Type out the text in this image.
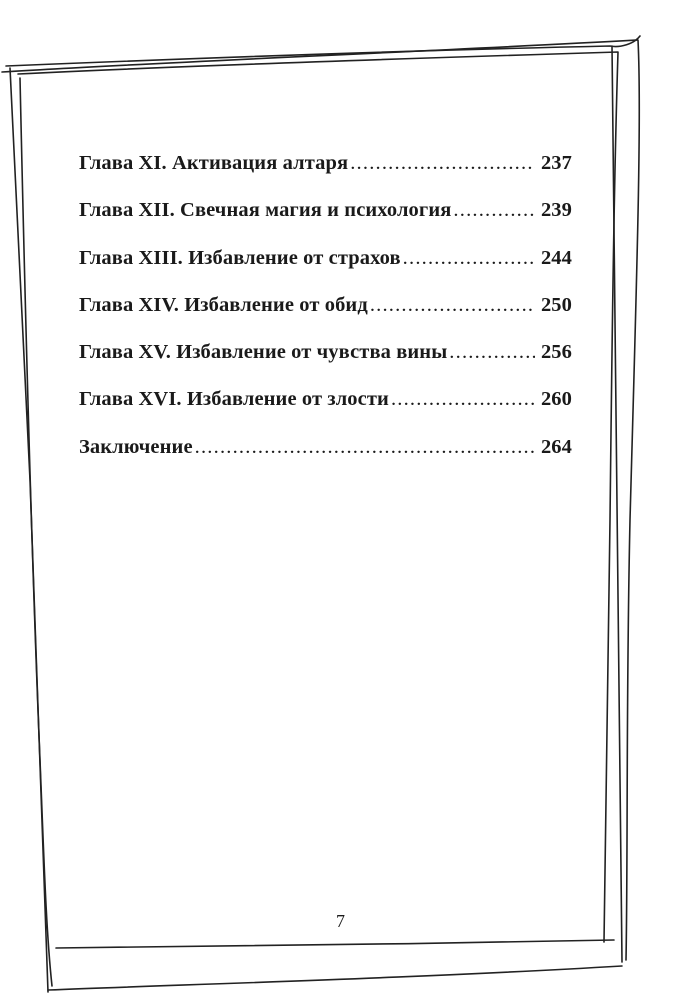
Глава XI. Активация алтаря .....	237
Глава XII. Свечная магия и психология .....	239
Глава XIII. Избавление от страхов .....	244
Глава XIV. Избавление от обид .....	250
Глава XV. Избавление от чувства вины .....	256
Глава XVI. Избавление от злости .....	260
Заключение .....	264
7
